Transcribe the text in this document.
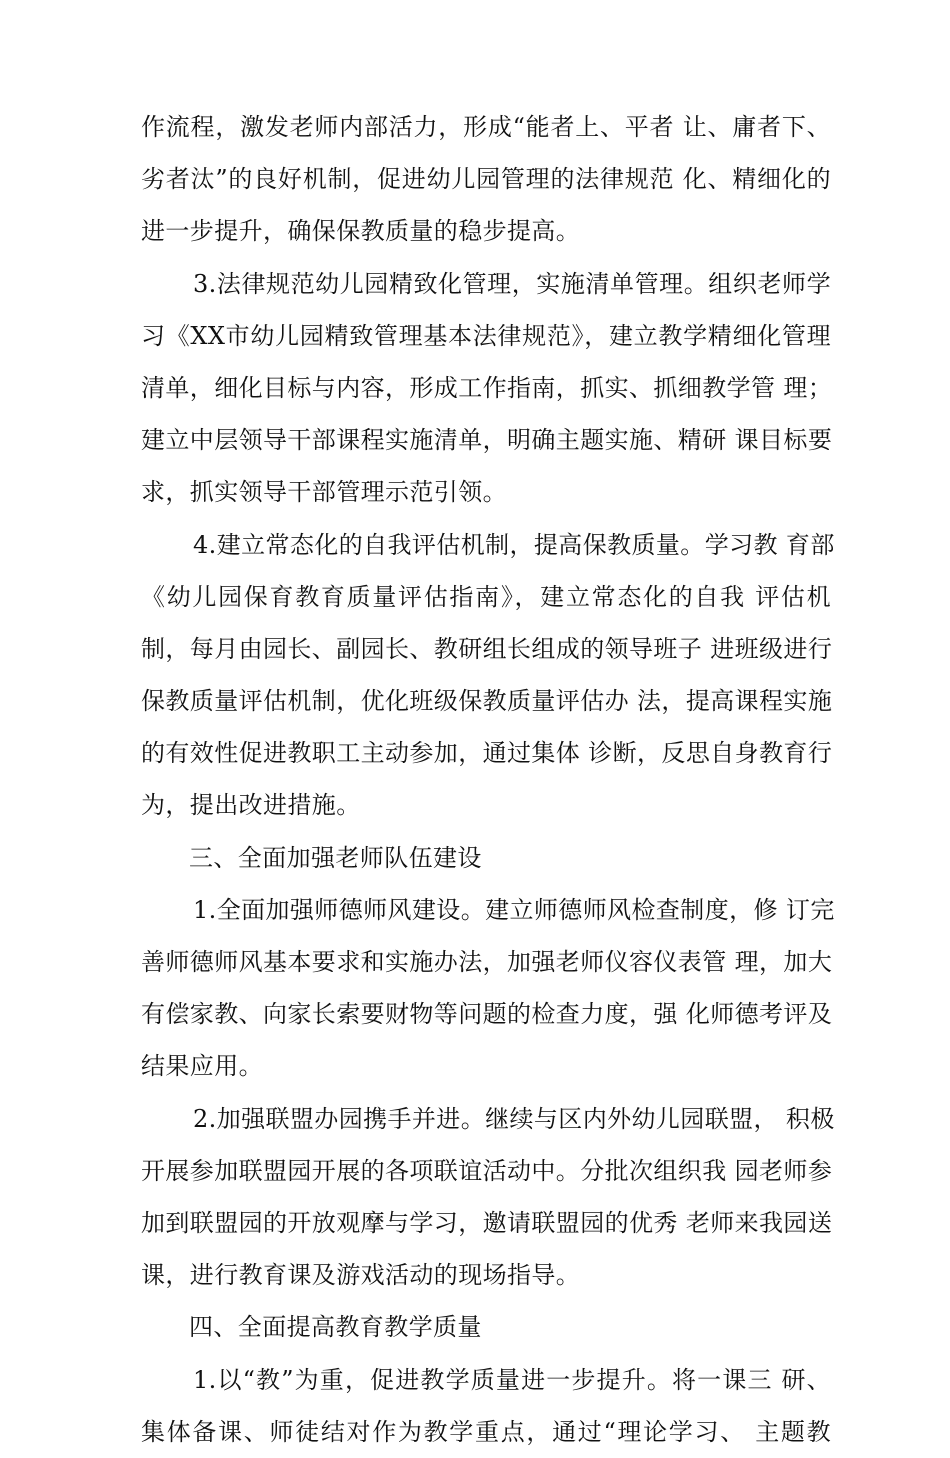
作流程，激发老师内部活力，形成“能者上、平者 让、庸者下、
劣者汰”的良好机制，促进幼儿园管理的法律规范 化、精细化的
进一步提升，确保保教质量的稳步提高。
3.法律规范幼儿园精致化管理，实施清单管理。组织老师学
习《XX市幼儿园精致管理基本法律规范》，建立教学精细化管理
清单，细化目标与内容，形成工作指南，抓实、抓细教学管 理；
建立中层领导干部课程实施清单，明确主题实施、精研 课目标要
求，抓实领导干部管理示范引领。
4.建立常态化的自我评估机制，提高保教质量。学习教 育部
《幼儿园保育教育质量评估指南》，建立常态化的自我 评估机
制，每月由园长、副园长、教研组长组成的领导班子 进班级进行
保教质量评估机制，优化班级保教质量评估办 法，提高课程实施
的有效性促进教职工主动参加，通过集体 诊断，反思自身教育行
为，提出改进措施。
三、全面加强老师队伍建设
1.全面加强师德师风建设。建立师德师风检查制度，修 订完
善师德师风基本要求和实施办法，加强老师仪容仪表管 理，加大
有偿家教、向家长索要财物等问题的检查力度，强 化师德考评及
结果应用。
2.加强联盟办园携手并进。继续与区内外幼儿园联盟， 积极
开展参加联盟园开展的各项联谊活动中。分批次组织我 园老师参
加到联盟园的开放观摩与学习，邀请联盟园的优秀 老师来我园送
课，进行教育课及游戏活动的现场指导。
四、全面提高教育教学质量
1.以“教”为重，促进教学质量进一步提升。将一课三 研、
集体备课、师徒结对作为教学重点，通过“理论学习、 主题教
